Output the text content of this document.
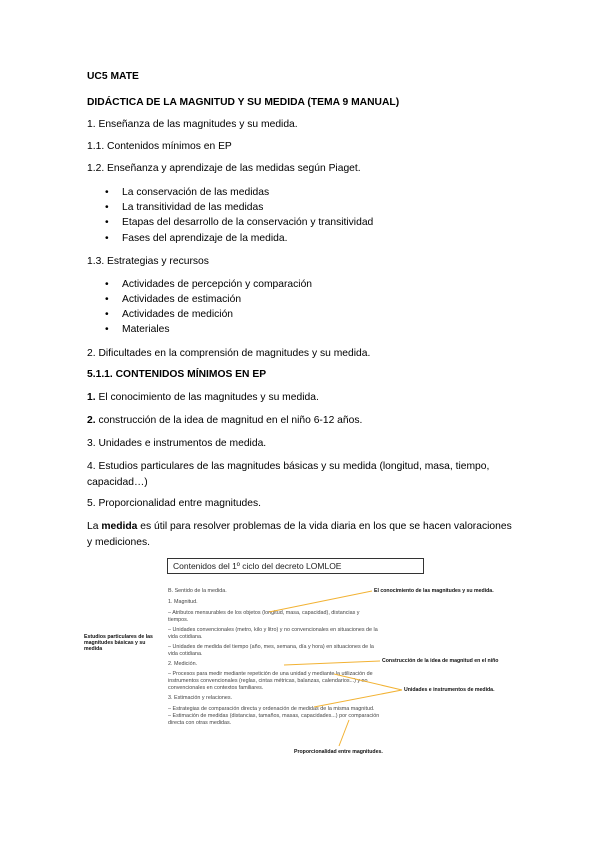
UC5 MATE
DIDÁCTICA DE LA MAGNITUD Y SU MEDIDA (TEMA 9 MANUAL)
1. Enseñanza de las magnitudes y su medida.
1.1. Contenidos mínimos en EP
1.2. Enseñanza y aprendizaje de las medidas según Piaget.
• La conservación de las medidas
• La transitividad de las medidas
• Etapas del desarrollo de la conservación y transitividad
• Fases del aprendizaje de la medida.
1.3. Estrategias y recursos
• Actividades de percepción y comparación
• Actividades de estimación
• Actividades de medición
• Materiales
2. Dificultades en la comprensión de magnitudes y su medida.
5.1.1. CONTENIDOS MÍNIMOS EN EP
1. El conocimiento de las magnitudes y su medida.
2. construcción de la idea de magnitud en el niño 6-12 años.
3. Unidades e instrumentos de medida.
4. Estudios particulares de las magnitudes básicas y su medida (longitud, masa, tiempo, capacidad…)
5. Proporcionalidad entre magnitudes.
La medida es útil para resolver problemas de la vida diaria en los que se hacen valoraciones y mediciones.
Contenidos del 1º ciclo del decreto LOMLOE
B. Sentido de la medida.
1. Magnitud.
– Atributos mensurables de los objetos (longitud, masa, capacidad), distancias y
tiempos.
– Unidades convencionales (metro, kilo y litro) y no convencionales en situaciones de la
vida cotidiana.
– Unidades de medida del tiempo (año, mes, semana, día y hora) en situaciones de la
vida cotidiana.
2. Medición.
– Procesos para medir mediante repetición de una unidad y mediante la utilización de
instrumentos convencionales (reglas, cintas métricas, balanzas, calendarios...) y no
convencionales en contextos familiares.
3. Estimación y relaciones.
– Estrategias de comparación directa y ordenación de medidas de la misma magnitud.
– Estimación de medidas (distancias, tamaños, masas, capacidades...) por comparación
directa con otras medidas.
Estudios particulares de las magnitudes básicas y su medida
El conocimiento de las magnitudes y su medida.
Construcción de la idea de magnitud en el niño
Unidades e instrumentos de medida.
Proporcionalidad entre magnitudes.
